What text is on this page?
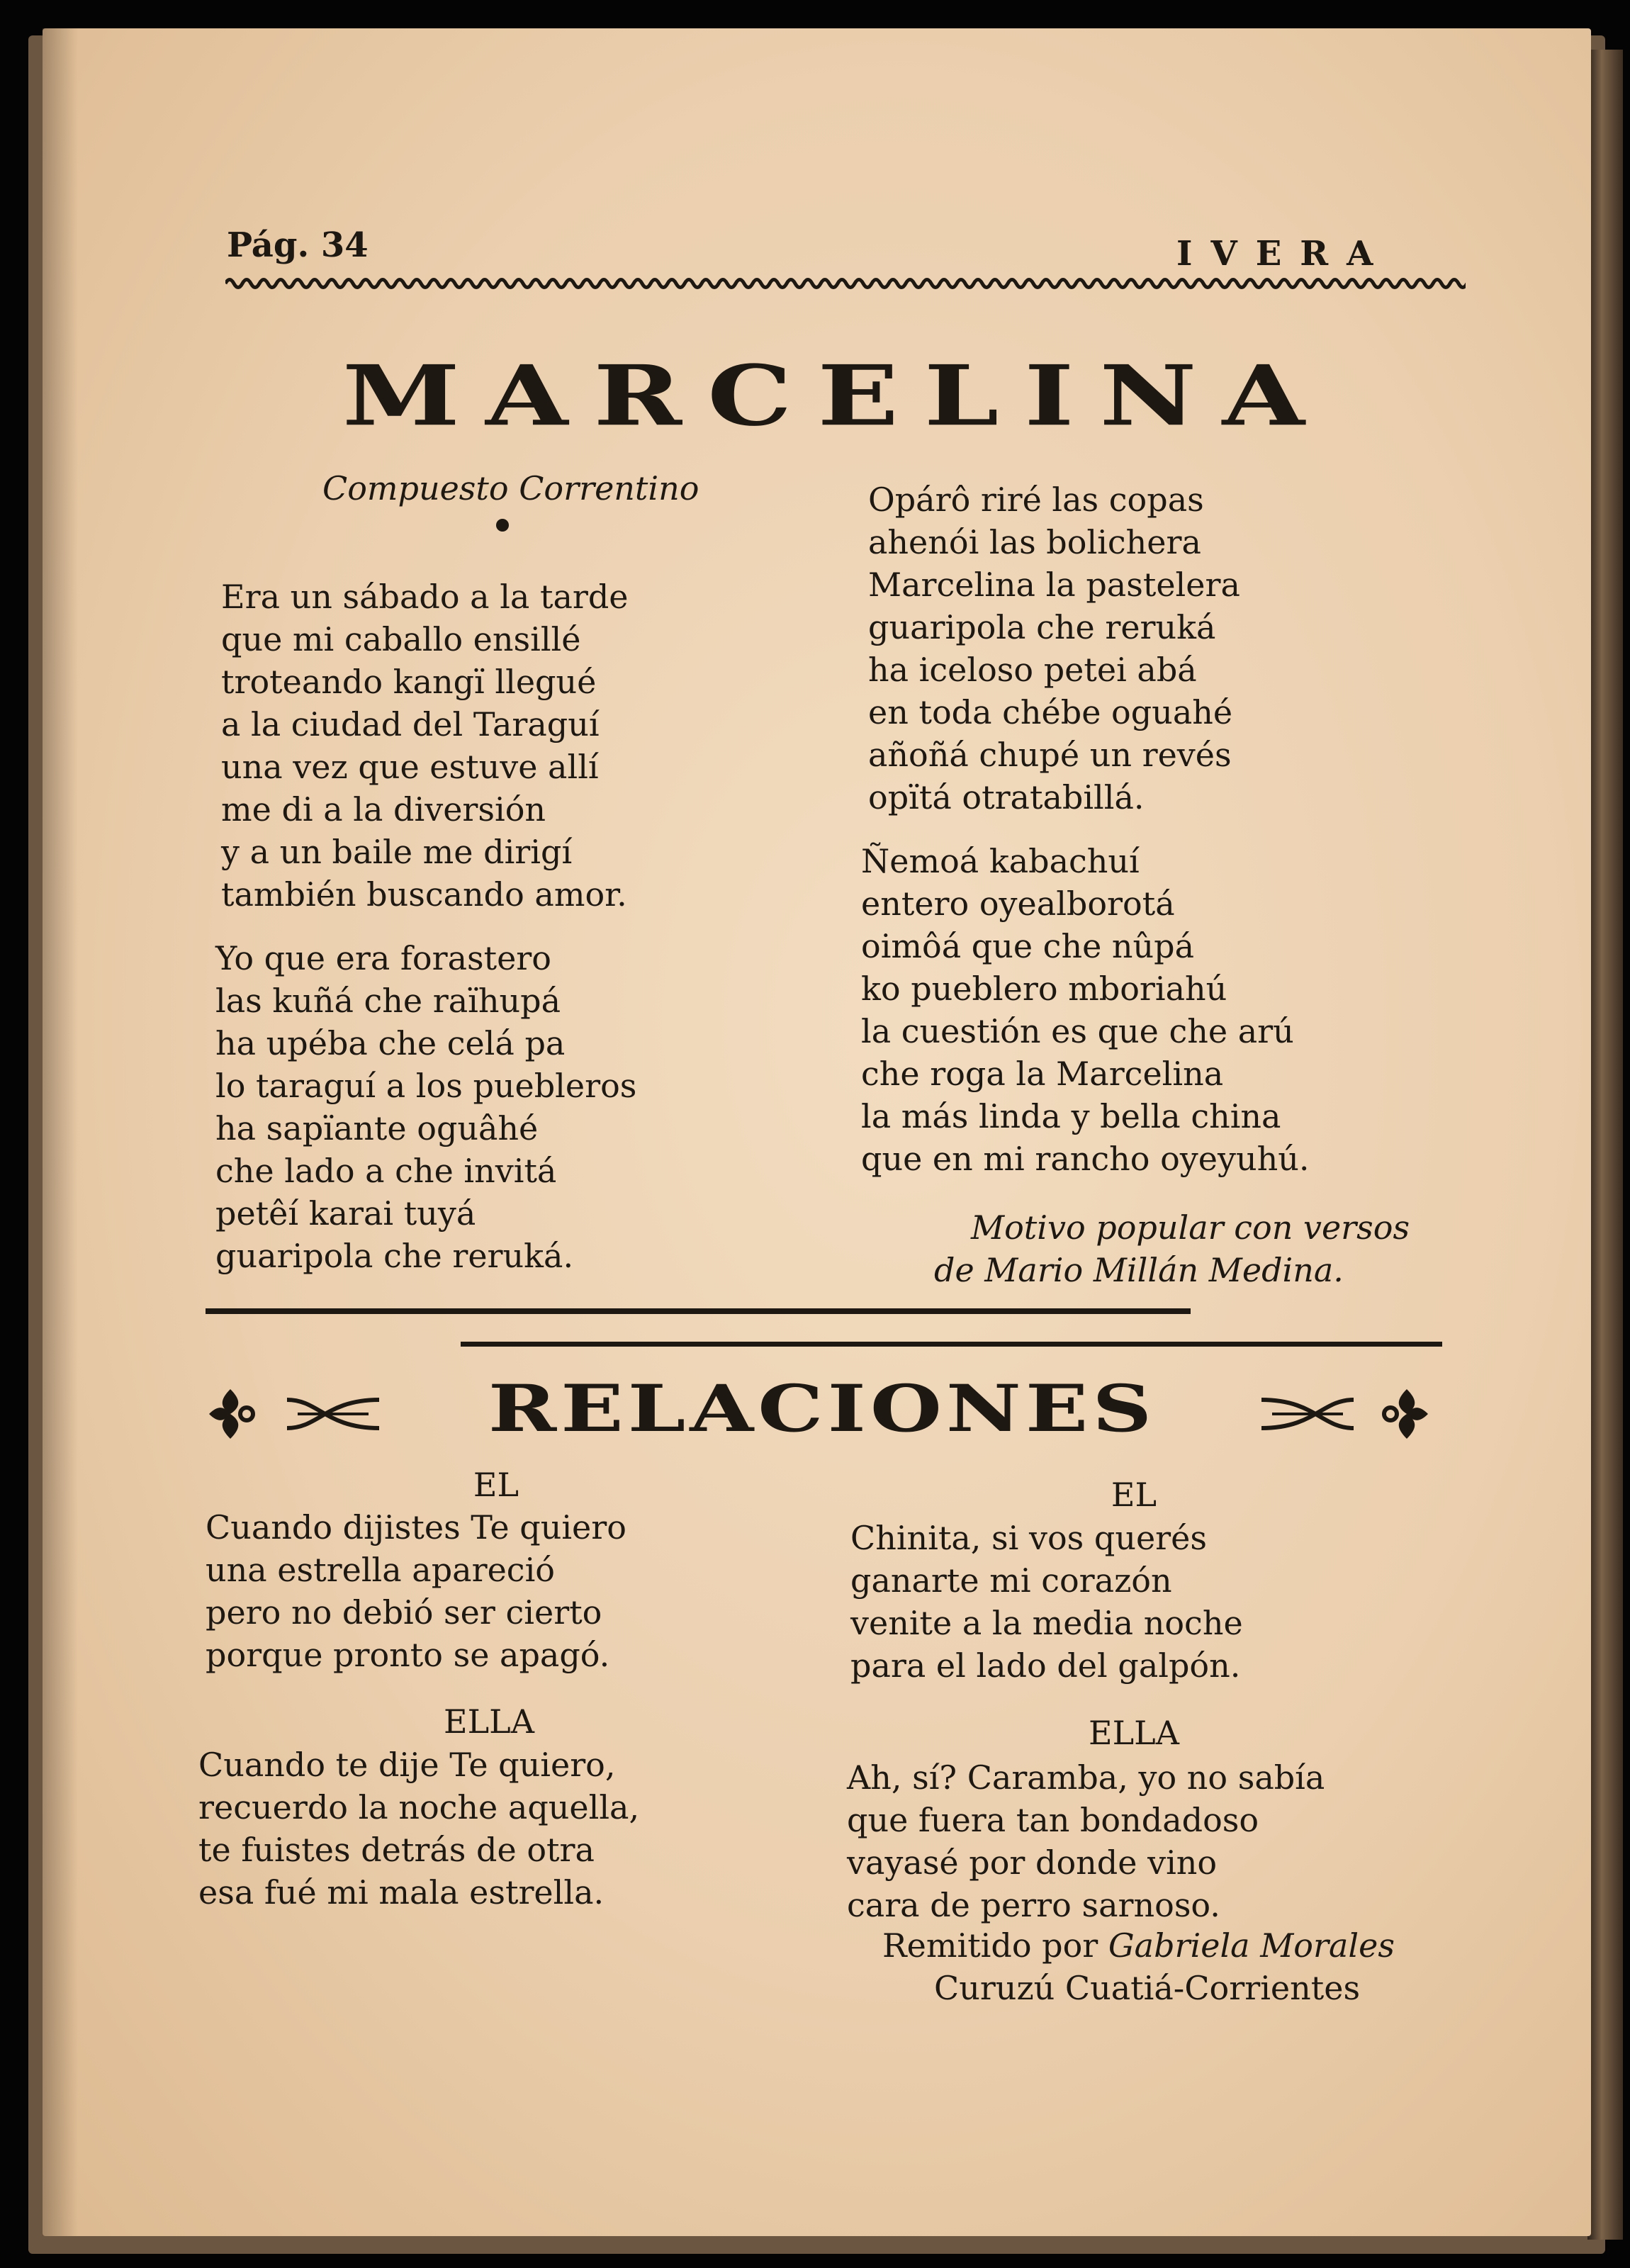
Pág. 34	IVERA
MARCELINA
Compuesto Correntino
Era un sábado a la tarde
que mi caballo ensillé
troteando kangï llegué
a la ciudad del Taraguí
una vez que estuve allí
me di a la diversión
y a un baile me dirigí
también buscando amor.
Yo que era forastero
las kuñá che raïhupá
ha upéba che celá pa
lo taraguí a los puebleros
ha sapïante oguâhé
che lado a che invitá
petêí karai tuyá
guaripola che reruká.
Opárô riré las copas
ahenói las bolichera
Marcelina la pastelera
guaripola che reruká
ha iceloso petei abá
en toda chébe oguahé
añoñá chupé un revés
opïtá otratabillá.
Ñemoá kabachuí
entero oyealborotá
oimôá que che nûpá
ko pueblero mboriahú
la cuestión es que che arú
che roga la Marcelina
la más linda y bella china
que en mi rancho oyeyuhú.
Motivo popular con versos
de Mario Millán Medina.
RELACIONES
EL
Cuando dijistes Te quiero
una estrella apareció
pero no debió ser cierto
porque pronto se apagó.
ELLA
Cuando te dije Te quiero,
recuerdo la noche aquella,
te fuistes detrás de otra
esa fué mi mala estrella.
EL
Chinita, si vos querés
ganarte mi corazón
venite a la media noche
para el lado del galpón.
ELLA
Ah, sí? Caramba, yo no sabía
que fuera tan bondadoso
vayasé por donde vino
cara de perro sarnoso.
Remitido por Gabriela Morales
Curuzú Cuatiá-Corrientes
